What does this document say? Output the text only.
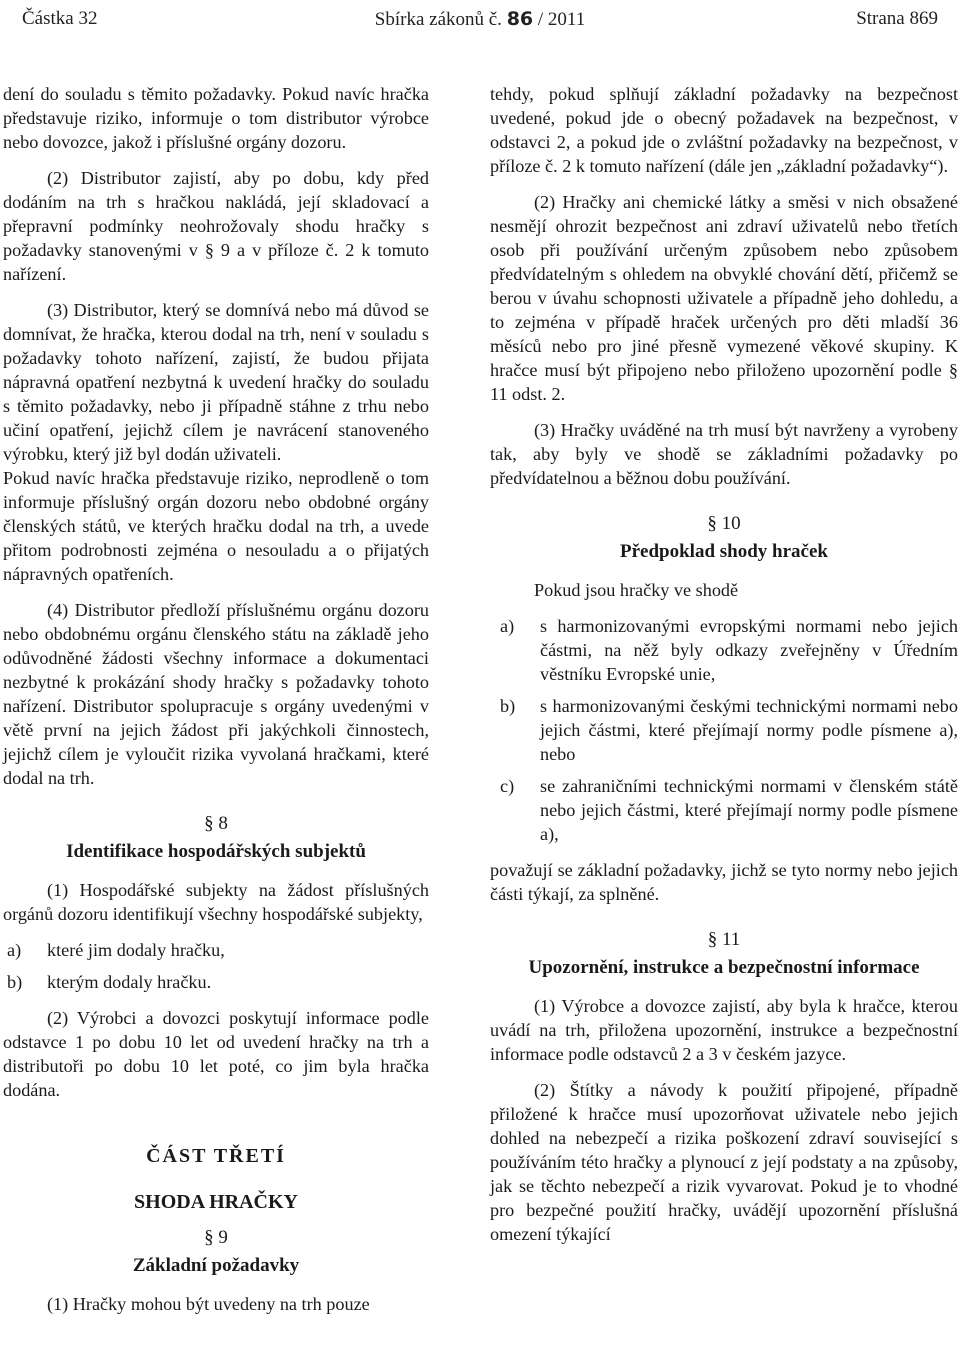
Částka 32	Sbírka zákonů č. 86 / 2011	Strana 869

dení do souladu s těmito požadavky. Pokud navíc hračka představuje riziko, informuje o tom distributor výrobce nebo dovozce, jakož i příslušné orgány dozoru.

(2) Distributor zajistí, aby po dobu, kdy před dodáním na trh s hračkou nakládá, její skladovací a přepravní podmínky neohrožovaly shodu hračky s požadavky stanovenými v § 9 a v příloze č. 2 k tomuto nařízení.

(3) Distributor, který se domnívá nebo má důvod se domnívat, že hračka, kterou dodal na trh, není v souladu s požadavky tohoto nařízení, zajistí, že budou přijata nápravná opatření nezbytná k uvedení hračky do souladu s těmito požadavky, nebo ji případně stáhne z trhu nebo učiní opatření, jejichž cílem je navrácení stanoveného výrobku, který již byl dodán uživateli.

Pokud navíc hračka představuje riziko, neprodleně o tom informuje příslušný orgán dozoru nebo obdobné orgány členských států, ve kterých hračku dodal na trh, a uvede přitom podrobnosti zejména o nesouladu a o přijatých nápravných opatřeních.

(4) Distributor předloží příslušnému orgánu dozoru nebo obdobnému orgánu členského státu na základě jeho odůvodněné žádosti všechny informace a dokumentaci nezbytné k prokázání shody hračky s požadavky tohoto nařízení. Distributor spolupracuje s orgány uvedenými v větě první na jejich žádost při jakýchkoli činnostech, jejichž cílem je vyloučit rizika vyvolaná hračkami, které dodal na trh.

§ 8
Identifikace hospodářských subjektů

(1) Hospodářské subjekty na žádost příslušných orgánů dozoru identifikují všechny hospodářské subjekty,

a)	které jim dodaly hračku,
b)	kterým dodaly hračku.

(2) Výrobci a dovozci poskytují informace podle odstavce 1 po dobu 10 let od uvedení hračky na trh a distributoři po dobu 10 let poté, co jim byla hračka dodána.

ČÁST TŘETÍ
SHODA HRAČKY
§ 9
Základní požadavky

(1) Hračky mohou být uvedeny na trh pouze

tehdy, pokud splňují základní požadavky na bezpečnost uvedené, pokud jde o obecný požadavek na bezpečnost, v odstavci 2, a pokud jde o zvláštní požadavky na bezpečnost, v příloze č. 2 k tomuto nařízení (dále jen „základní požadavky“).

(2) Hračky ani chemické látky a směsi v nich obsažené nesmějí ohrozit bezpečnost ani zdraví uživatelů nebo třetích osob při používání určeným způsobem nebo způsobem předvídatelným s ohledem na obvyklé chování dětí, přičemž se berou v úvahu schopnosti uživatele a případně jeho dohledu, a to zejména v případě hraček určených pro děti mladší 36 měsíců nebo pro jiné přesně vymezené věkové skupiny. K hračce musí být připojeno nebo přiloženo upozornění podle § 11 odst. 2.

(3) Hračky uváděné na trh musí být navrženy a vyrobeny tak, aby byly ve shodě se základními požadavky po předvídatelnou a běžnou dobu používání.

§ 10
Předpoklad shody hraček

Pokud jsou hračky ve shodě

a)	s harmonizovanými evropskými normami nebo jejich částmi, na něž byly odkazy zveřejněny v Úředním věstníku Evropské unie,
b)	s harmonizovanými českými technickými normami nebo jejich částmi, které přejímají normy podle písmene a), nebo
c)	se zahraničními technickými normami v členském státě nebo jejich částmi, které přejímají normy podle písmene a),

považují se základní požadavky, jichž se tyto normy nebo jejich části týkají, za splněné.

§ 11
Upozornění, instrukce a bezpečnostní informace

(1) Výrobce a dovozce zajistí, aby byla k hračce, kterou uvádí na trh, přiložena upozornění, instrukce a bezpečnostní informace podle odstavců 2 a 3 v českém jazyce.

(2) Štítky a návody k použití připojené, případně přiložené k hračce musí upozorňovat uživatele nebo jejich dohled na nebezpečí a rizika poškození zdraví související s používáním této hračky a plynoucí z její podstaty a na způsoby, jak se těchto nebezpečí a rizik vyvarovat. Pokud je to vhodné pro bezpečné použití hračky, uvádějí upozornění příslušná omezení týkající
